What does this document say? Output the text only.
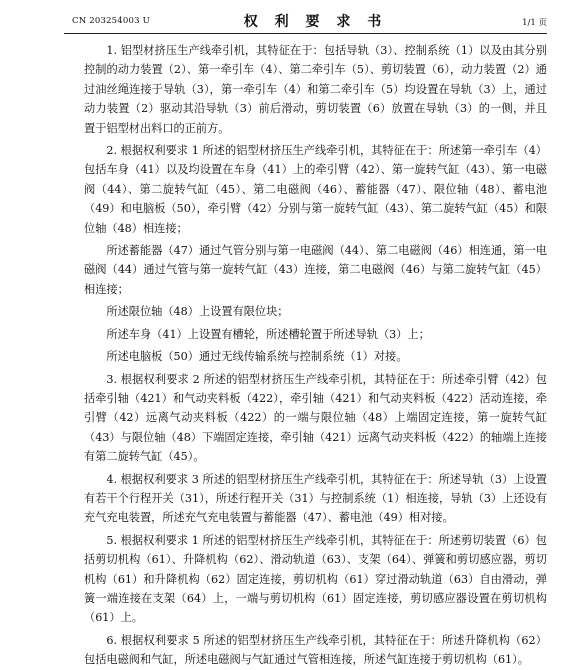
CN 203254003 U	权 利 要 求 书	1/1 页

1. 铝型材挤压生产线牵引机，其特征在于：包括导轨（3）、控制系统（1）以及由其分别控制的动力装置（2）、第一牵引车（4）、第二牵引车（5）、剪切装置（6），动力装置（2）通过油丝绳连接于导轨（3），第一牵引车（4）和第二牵引车（5）均设置在导轨（3）上，通过动力装置（2）驱动其沿导轨（3）前后滑动，剪切装置（6）放置在导轨（3）的一侧，并且置于铝型材出料口的正前方。

2. 根据权利要求 1 所述的铝型材挤压生产线牵引机，其特征在于：所述第一牵引车（4）包括车身（41）以及均设置在车身（41）上的牵引臂（42）、第一旋转气缸（43）、第一电磁阀（44）、第二旋转气缸（45）、第二电磁阀（46）、蓄能器（47）、限位轴（48）、蓄电池（49）和电脑板（50），牵引臂（42）分别与第一旋转气缸（43）、第二旋转气缸（45）和限位轴（48）相连接；

所述蓄能器（47）通过气管分别与第一电磁阀（44）、第二电磁阀（46）相连通，第一电磁阀（44）通过气管与第一旋转气缸（43）连接，第二电磁阀（46）与第二旋转气缸（45）相连接；

所述限位轴（48）上设置有限位块；

所述车身（41）上设置有槽轮，所述槽轮置于所述导轨（3）上；

所述电脑板（50）通过无线传输系统与控制系统（1）对接。

3. 根据权利要求 2 所述的铝型材挤压生产线牵引机，其特征在于：所述牵引臂（42）包括牵引轴（421）和气动夹料板（422），牵引轴（421）和气动夹料板（422）活动连接，牵引臂（42）远离气动夹料板（422）的一端与限位轴（48）上端固定连接，第一旋转气缸（43）与限位轴（48）下端固定连接，牵引轴（421）远离气动夹料板（422）的轴端上连接有第二旋转气缸（45）。

4. 根据权利要求 3 所述的铝型材挤压生产线牵引机，其特征在于：所述导轨（3）上设置有若干个行程开关（31），所述行程开关（31）与控制系统（1）相连接，导轨（3）上还设有充气充电装置，所述充气充电装置与蓄能器（47）、蓄电池（49）相对接。

5. 根据权利要求 1 所述的铝型材挤压生产线牵引机，其特征在于：所述剪切装置（6）包括剪切机构（61）、升降机构（62）、滑动轨道（63）、支架（64）、弹簧和剪切感应器，剪切机构（61）和升降机构（62）固定连接，剪切机构（61）穿过滑动轨道（63）自由滑动，弹簧一端连接在支架（64）上，一端与剪切机构（61）固定连接，剪切感应器设置在剪切机构（61）上。

6. 根据权利要求 5 所述的铝型材挤压生产线牵引机，其特征在于：所述升降机构（62）包括电磁阀和气缸，所述电磁阀与气缸通过气管相连接，所述气缸连接于剪切机构（61）。
